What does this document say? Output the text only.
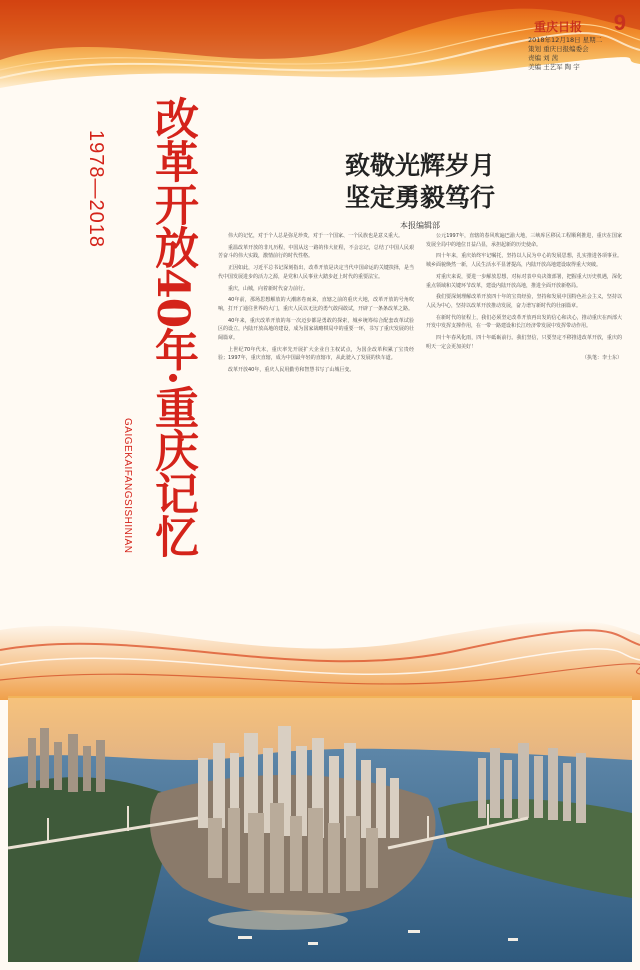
重庆日报 9
2018年12月18日 星期二
策划 重庆日报编委会
责编 刘 茜
美编 王艺军 陶 宇
1978—2018 改革开放40年·重庆记忆
GAIGEKAIFANGSISHINIAN
致敬光辉岁月
坚定勇毅笃行
本报编辑部

伟大的记忆，对于个人总是弥足珍贵，对于一个国家、一个民族也是意义重大。

重温改革开放的非凡历程，中国从这一路的伟大征程，不会忘记，总结了中国人民艰苦奋斗的伟大实践，激情前行的时代性格。

正因如此，习近平总书记深刻指出，改革开放是决定当代中国命运的关键抉择，是当代中国发展进步的活力之源，是党和人民事业大踏步赶上时代的重要法宝。

重庆，山城，向着新时代奋力前行。

40年前，那场思想解放的大潮席卷而来，直辖之前的重庆大地，改革开放的号角吹响，打开了通往世界的大门，重庆人民以无比的勇气敢闯敢试，开辟了一条条改革之路。

40年来，重庆改革开放的每一次迈步都是勇敢的探索，城乡统筹综合配套改革试验区的设立，内陆开放高地的建设，成为国家战略棋局中的重要一环，书写了重庆发展的壮阔篇章。

上世纪70年代末，重庆率先开展扩大企业自主权试点，为国企改革积累了宝贵经验；1997年，重庆直辖，成为中国最年轻的直辖市，从此驶入了发展的快车道。

改革开放40年，重庆人民用勤劳和智慧书写了山城巨变。

公元1997年，直辖的春风吹遍巴渝大地，三峡库区移民工程顺利推进，重庆在国家发展全局中的地位日益凸显，承担起新的历史使命。

四十年来，重庆始终牢记嘱托，坚持以人民为中心的发展思想，扎实推进各项事业。城乡面貌焕然一新，人民生活水平显著提高，内陆开放高地建设取得重大突破。

对重庆来说，要进一步解放思想，对标对表中央决策部署，把握重大历史机遇，深化重点领域和关键环节改革，建设内陆开放高地，推进全面开放新格局。

我们要深刻理解改革开放四十年的宝贵经验，坚持和发展中国特色社会主义，坚持以人民为中心，坚持以改革开放推动发展，奋力谱写新时代的壮丽篇章。

在新时代的征程上，我们必须坚定改革开放再出发的信心和决心，推动重庆在西部大开发中发挥支撑作用，在一带一路建设和长江经济带发展中发挥带动作用。

四十年春风化雨，四十年砥砺前行。我们坚信，只要坚定不移推进改革开放，重庆的明天一定会更加美好！

（执笔：李士东）
